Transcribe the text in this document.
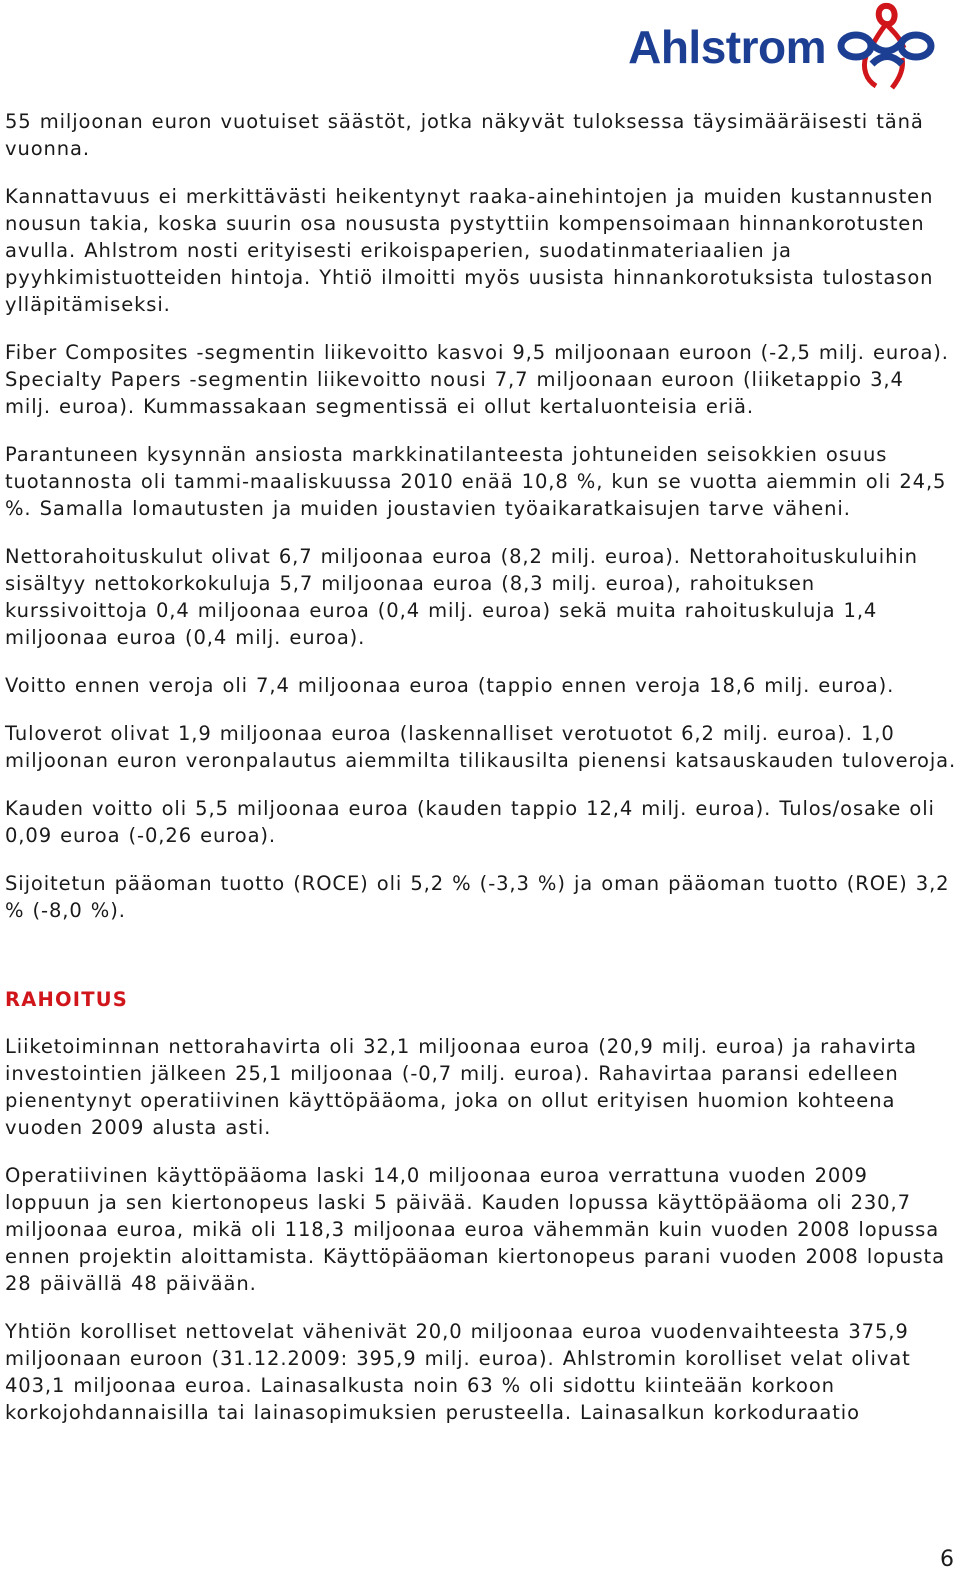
Ahlstrom

55 miljoonan euron vuotuiset säästöt, jotka näkyvät tuloksessa täysimääräisesti tänä vuonna.

Kannattavuus ei merkittävästi heikentynyt raaka-ainehintojen ja muiden kustannusten nousun takia, koska suurin osa noususta pystyttiin kompensoimaan hinnankorotusten avulla. Ahlstrom nosti erityisesti erikoispaperien, suodatinmateriaalien ja pyyhkimistuotteiden hintoja. Yhtiö ilmoitti myös uusista hinnankorotuksista tulostason ylläpitämiseksi.

Fiber Composites -segmentin liikevoitto kasvoi 9,5 miljoonaan euroon (-2,5 milj. euroa). Specialty Papers -segmentin liikevoitto nousi 7,7 miljoonaan euroon (liiketappio 3,4 milj. euroa). Kummassakaan segmentissä ei ollut kertaluonteisia eriä.

Parantuneen kysynnän ansiosta markkinatilanteesta johtuneiden seisokkien osuus tuotannosta oli tammi-maaliskuussa 2010 enää 10,8 %, kun se vuotta aiemmin oli 24,5 %. Samalla lomautusten ja muiden joustavien työaikaratkaisujen tarve väheni.

Nettorahoituskulut olivat 6,7 miljoonaa euroa (8,2 milj. euroa). Nettorahoituskuluihin sisältyy nettokorkokuluja 5,7 miljoonaa euroa (8,3 milj. euroa), rahoituksen kurssivoittoja 0,4 miljoonaa euroa (0,4 milj. euroa) sekä muita rahoituskuluja 1,4 miljoonaa euroa (0,4 milj. euroa).

Voitto ennen veroja oli 7,4 miljoonaa euroa (tappio ennen veroja 18,6 milj. euroa).

Tuloverot olivat 1,9 miljoonaa euroa (laskennalliset verotuotot 6,2 milj. euroa). 1,0 miljoonan euron veronpalautus aiemmilta tilikausilta pienensi katsauskauden tuloveroja.

Kauden voitto oli 5,5 miljoonaa euroa (kauden tappio 12,4 milj. euroa). Tulos/osake oli 0,09 euroa (-0,26 euroa).

Sijoitetun pääoman tuotto (ROCE) oli 5,2 % (-3,3 %) ja oman pääoman tuotto (ROE) 3,2 % (-8,0 %).

RAHOITUS

Liiketoiminnan nettorahavirta oli 32,1 miljoonaa euroa (20,9 milj. euroa) ja rahavirta investointien jälkeen 25,1 miljoonaa (-0,7 milj. euroa). Rahavirtaa paransi edelleen pienentynyt operatiivinen käyttöpääoma, joka on ollut erityisen huomion kohteena vuoden 2009 alusta asti.

Operatiivinen käyttöpääoma laski 14,0 miljoonaa euroa verrattuna vuoden 2009 loppuun ja sen kiertonopeus laski 5 päivää. Kauden lopussa käyttöpääoma oli 230,7 miljoonaa euroa, mikä oli 118,3 miljoonaa euroa vähemmän kuin vuoden 2008 lopussa ennen projektin aloittamista. Käyttöpääoman kiertonopeus parani vuoden 2008 lopusta 28 päivällä 48 päivään.

Yhtiön korolliset nettovelat vähenivät 20,0 miljoonaa euroa vuodenvaihteesta 375,9 miljoonaan euroon (31.12.2009: 395,9 milj. euroa). Ahlstromin korolliset velat olivat 403,1 miljoonaa euroa. Lainasalkusta noin 63 % oli sidottu kiinteään korkoon korkojohdannaisilla tai lainasopimuksien perusteella. Lainasalkun korkoduraatio

6
